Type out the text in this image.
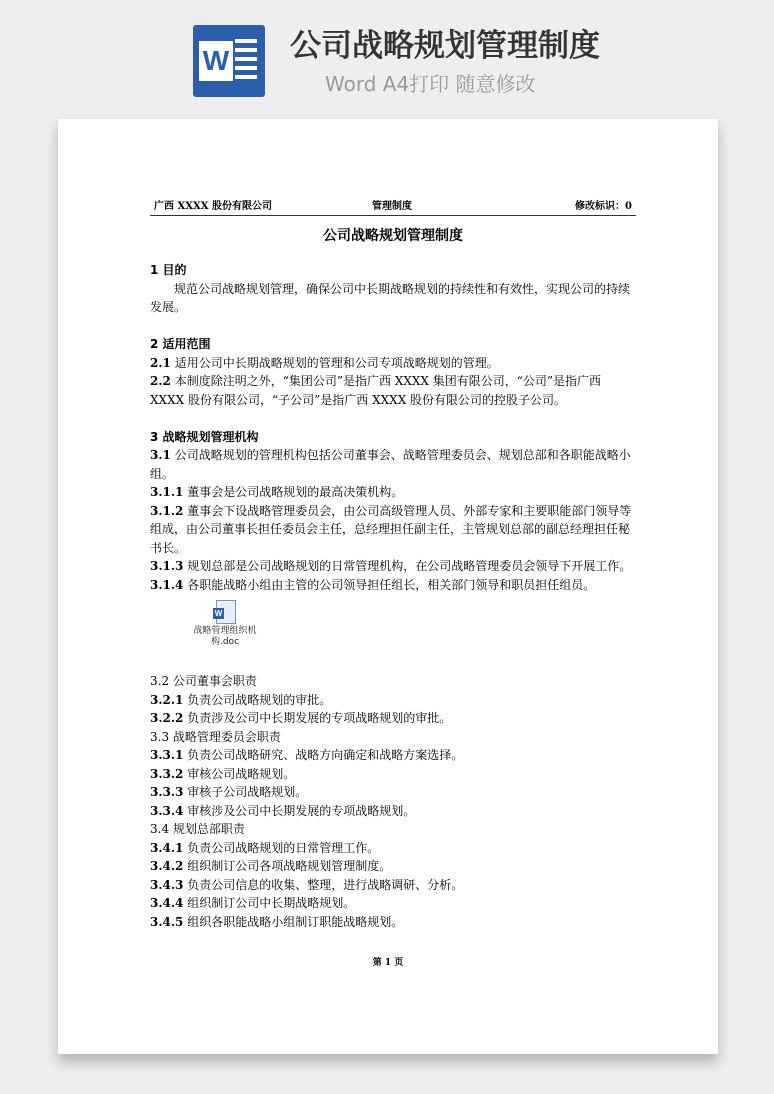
W 公司战略规划管理制度
Word A4打印 随意修改
广西 XXXX 股份有限公司	管理制度	修改标识：0
公司战略规划管理制度

1 目的

规范公司战略规划管理，确保公司中长期战略规划的持续性和有效性，实现公司的持续发展。

2 适用范围

2.1 适用公司中长期战略规划的管理和公司专项战略规划的管理。

2.2 本制度除注明之外，“集团公司”是指广西 XXXX 集团有限公司，“公司”是指广西 XXXX 股份有限公司，“子公司”是指广西 XXXX 股份有限公司的控股子公司。

3 战略规划管理机构

3.1 公司战略规划的管理机构包括公司董事会、战略管理委员会、规划总部和各职能战略小组。

3.1.1 董事会是公司战略规划的最高决策机构。

3.1.2 董事会下设战略管理委员会，由公司高级管理人员、外部专家和主要职能部门领导等组成，由公司董事长担任委员会主任，总经理担任副主任，主管规划总部的副总经理担任秘书长。

3.1.3 规划总部是公司战略规划的日常管理机构，在公司战略管理委员会领导下开展工作。

3.1.4 各职能战略小组由主管的公司领导担任组长，相关部门领导和职员担任组员。

W
战略管理组织机构.doc

3.2 公司董事会职责

3.2.1 负责公司战略规划的审批。

3.2.2 负责涉及公司中长期发展的专项战略规划的审批。

3.3 战略管理委员会职责

3.3.1 负责公司战略研究、战略方向确定和战略方案选择。

3.3.2 审核公司战略规划。

3.3.3 审核子公司战略规划。

3.3.4 审核涉及公司中长期发展的专项战略规划。

3.4 规划总部职责

3.4.1 负责公司战略规划的日常管理工作。

3.4.2 组织制订公司各项战略规划管理制度。

3.4.3 负责公司信息的收集、整理，进行战略调研、分析。

3.4.4 组织制订公司中长期战略规划。

3.4.5 组织各职能战略小组制订职能战略规划。

第 1 页
